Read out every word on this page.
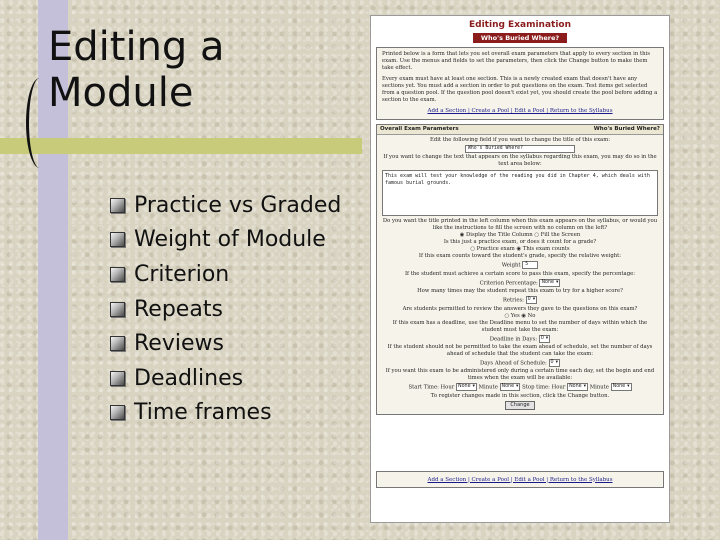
Editing a
Module
Practice vs Graded
Weight of Module
Criterion
Repeats
Reviews
Deadlines
Time frames
Editing Examination
Who's Buried Where?

Printed below is a form that lets you set overall exam parameters that apply to every section in this exam. Use the menus and fields to set the parameters, then click the Change button to make them take effect.

Every exam must have at least one section. This is a newly created exam that doesn't have any sections yet. You must add a section in order to put questions on the exam. Test items get selected from a question pool. If the question pool doesn't exist yet, you should create the pool before adding a section to the exam.

Add a Section | Create a Pool | Edit a Pool | Return to the Syllabus
Overall Exam Parameters	Who's Buried Where?
Edit the following field if you want to change the title of this exam:
Who's Buried Where?
If you want to change the text that appears on the syllabus regarding this exam, you may do so in the text area below:
This exam will test your knowledge of the reading you did in Chapter 4, which deals with famous burial grounds.
Do you want the title printed in the left column when this exam appears on the syllabus, or would you like the instructions to fill the screen with no column on the left?
◉ Display the Title Column ○ Fill the Screen
Is this just a practice exam, or does it count for a grade?
○ Practice exam ◉ This exam counts
If this exam counts toward the student's grade, specify the relative weight:
Weight 5
If the student must achieve a certain score to pass this exam, specify the percentage:
Criterion Percentage: None ▾
How many times may the student repeat this exam to try for a higher score?
Retries: 0 ▾
Are students permitted to review the answers they gave to the questions on this exam?
○ Yes ◉ No
If this exam has a deadline, use the Deadline menu to set the number of days within which the student must take the exam:
Deadline in Days: 0 ▾
If the student should not be permitted to take the exam ahead of schedule, set the number of days ahead of schedule that the student can take the exam:
Days Ahead of Schedule: 0 ▾
If you want this exam to be administered only during a certain time each day, set the begin and end times when the exam will be available:
Start Time: Hour None ▾ Minute None ▾ Stop time: Hour None ▾ Minute None ▾
To register changes made in this section, click the Change button.
Change
Add a Section | Create a Pool | Edit a Pool | Return to the Syllabus
